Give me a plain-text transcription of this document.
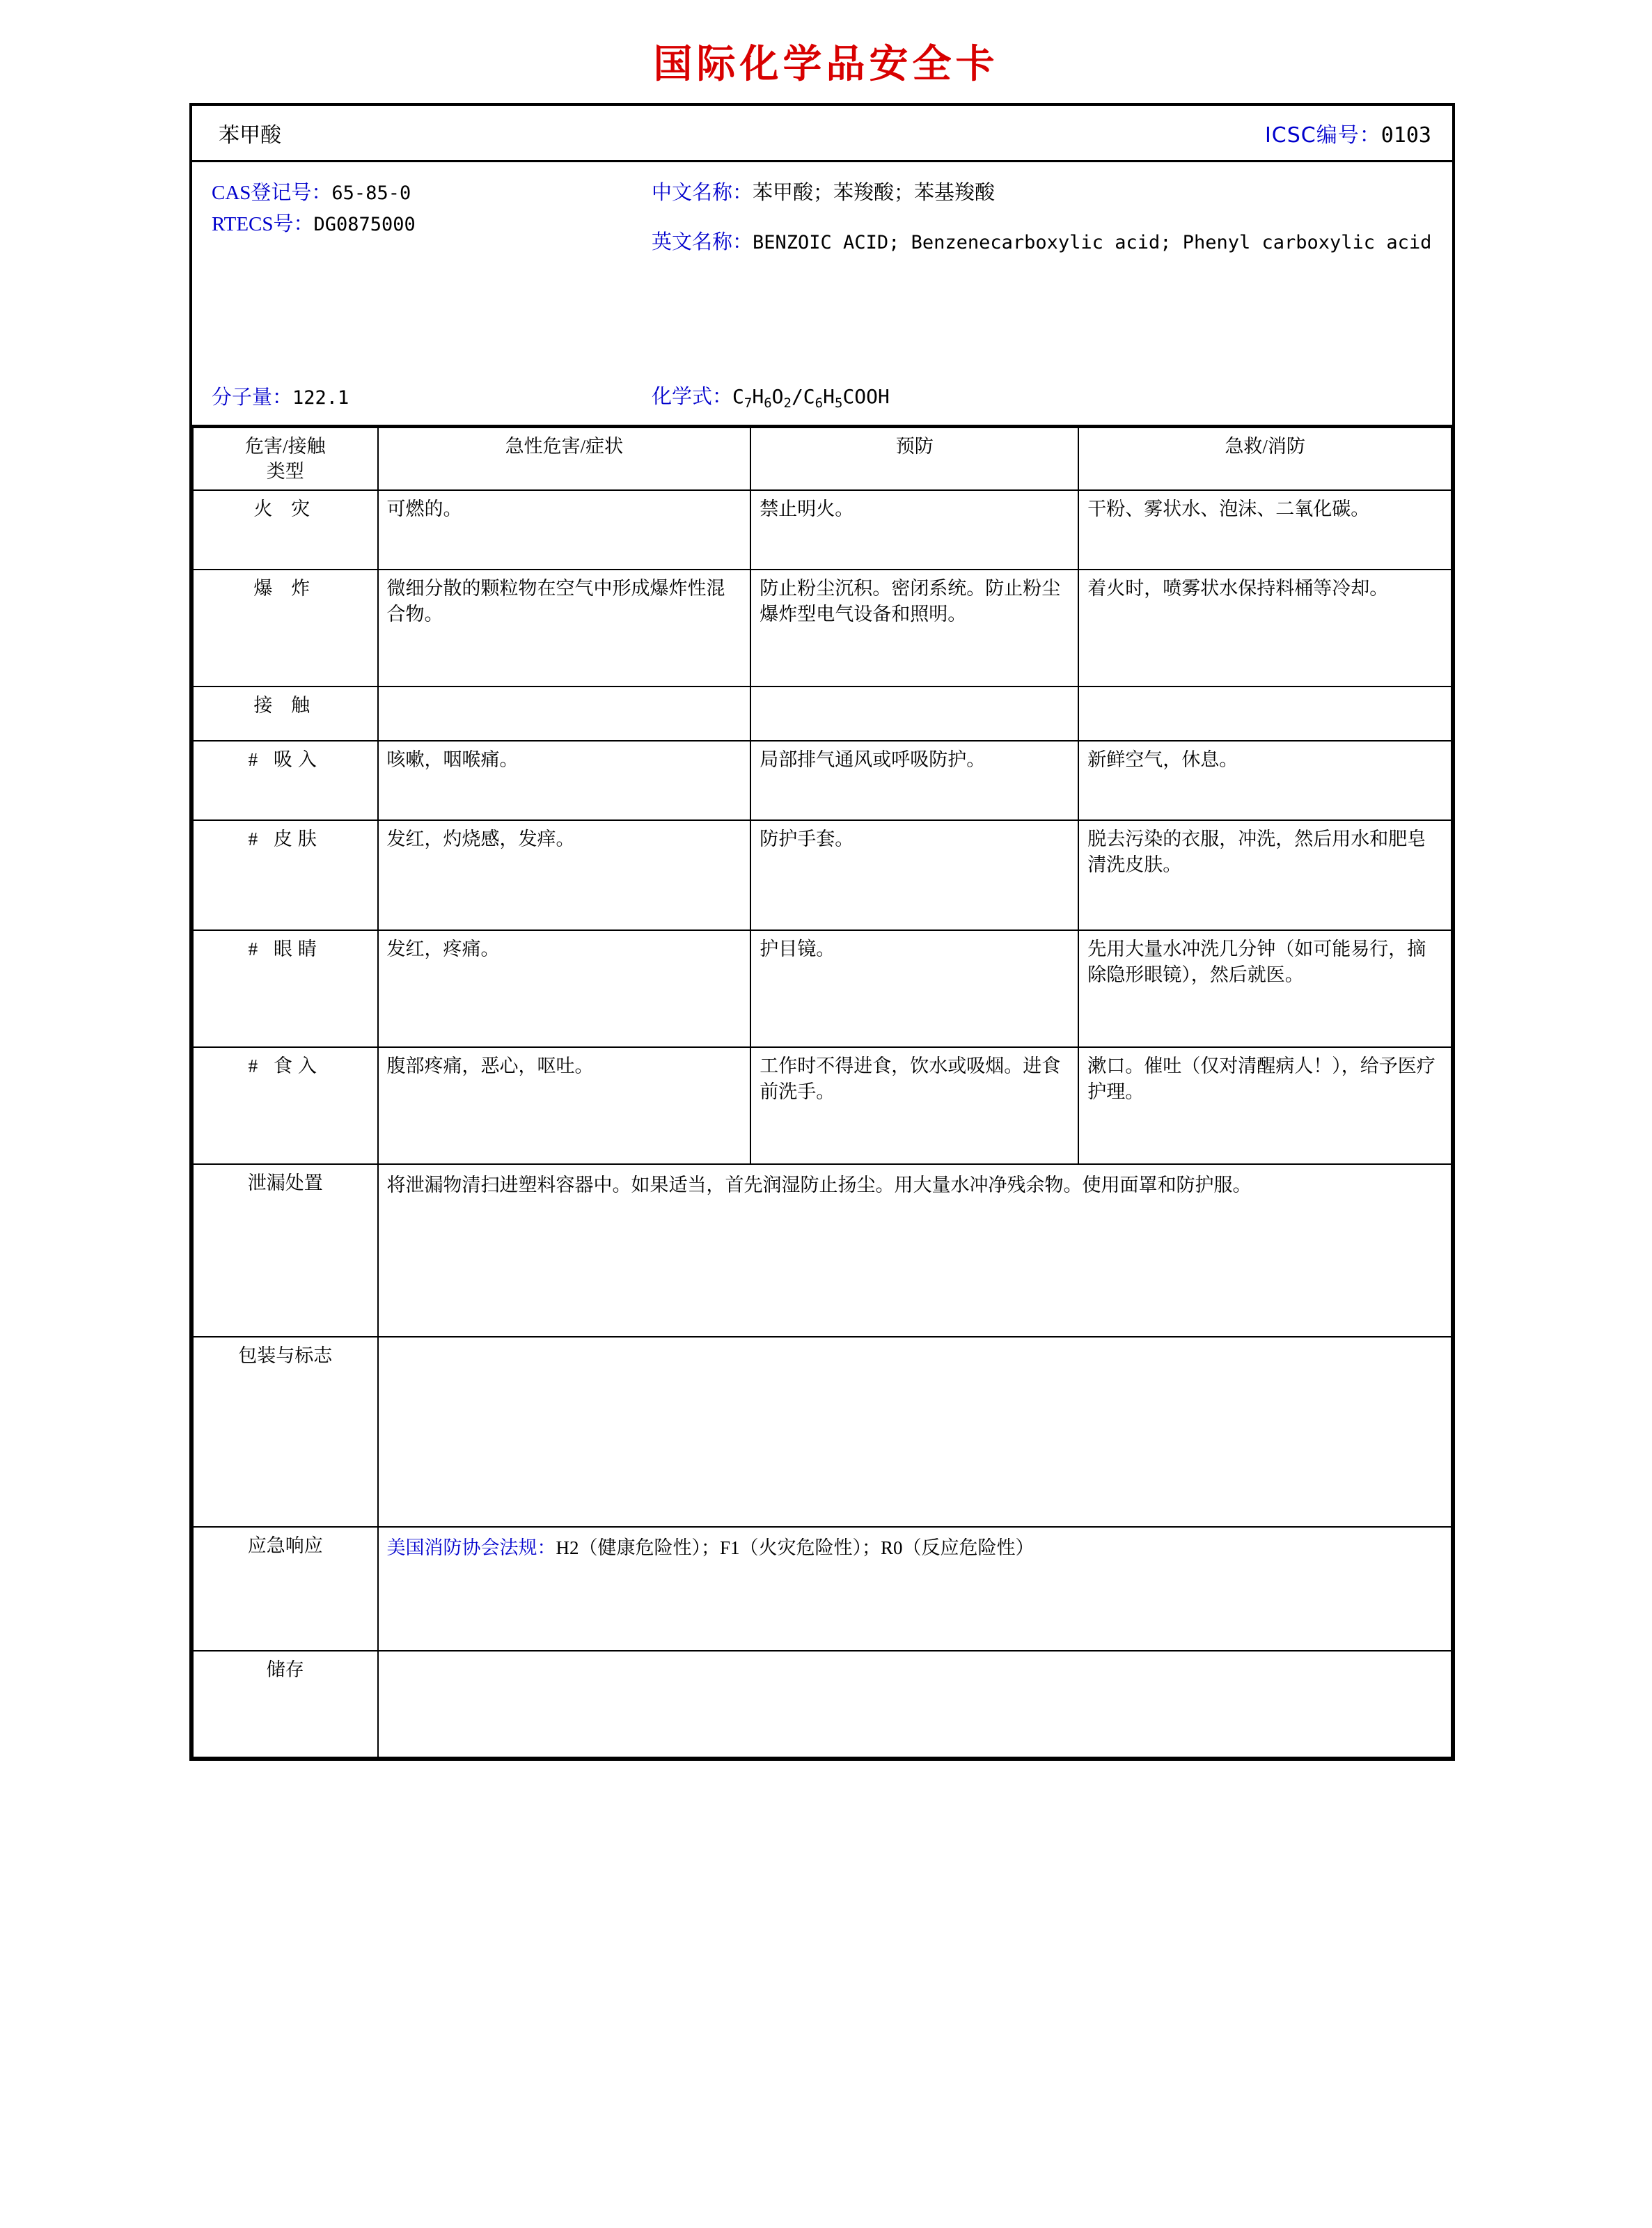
国际化学品安全卡
苯甲酸	ICSC编号：0103
CAS登记号：65-85-0
RTECS号：DG0875000
中文名称：苯甲酸；苯羧酸；苯基羧酸
英文名称：BENZOIC ACID; Benzenecarboxylic acid; Phenyl carboxylic acid
分子量：122.1	化学式：$C_7H_6O_2/C_6H_5COOH$
危害/接触
类型	急性危害/症状	预防	急救/消防
火 灾	可燃的。	禁止明火。	干粉、雾状水、泡沫、二氧化碳。
爆 炸	微细分散的颗粒物在空气中形成爆炸性混合物。	防止粉尘沉积。密闭系统。防止粉尘爆炸型电气设备和照明。	着火时，喷雾状水保持料桶等冷却。
接 触			
# 吸入	咳嗽，咽喉痛。	局部排气通风或呼吸防护。	新鲜空气，休息。
# 皮肤	发红，灼烧感，发痒。	防护手套。	脱去污染的衣服，冲洗，然后用水和肥皂清洗皮肤。
# 眼睛	发红，疼痛。	护目镜。	先用大量水冲洗几分钟（如可能易行，摘除隐形眼镜），然后就医。
# 食入	腹部疼痛，恶心，呕吐。	工作时不得进食，饮水或吸烟。进食前洗手。	漱口。催吐（仅对清醒病人！），给予医疗护理。
泄漏处置	将泄漏物清扫进塑料容器中。如果适当，首先润湿防止扬尘。用大量水冲净残余物。使用面罩和防护服。		
包装与标志			
应急响应	美国消防协会法规：H2（健康危险性）；F1（火灾危险性）；R0（反应危险性）		
储存			
